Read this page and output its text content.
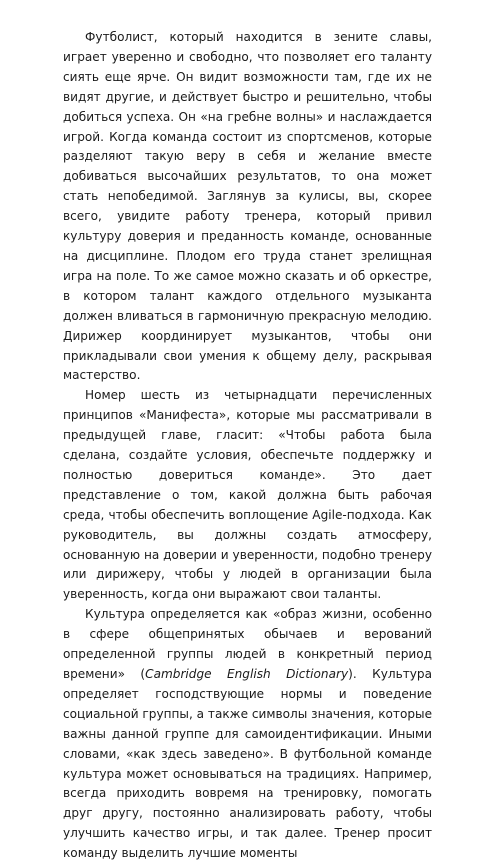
Футболист, который находится в зените славы, играет уверенно и свободно, что позволяет его таланту сиять еще ярче. Он видит возможности там, где их не видят другие, и действует быстро и решительно, чтобы добиться успеха. Он «на гребне волны» и наслаждается игрой. Когда команда состоит из спортсменов, которые разделяют такую веру в себя и желание вместе добиваться высочайших результатов, то она может стать непобедимой. Заглянув за кулисы, вы, скорее всего, увидите работу тренера, который привил культуру доверия и преданность команде, основанные на дисциплине. Плодом его труда станет зрелищная игра на поле. То же самое можно сказать и об оркестре, в котором талант каждого отдельного музыканта должен вливаться в гармоничную прекрасную мелодию. Дирижер координирует музыкантов, чтобы они прикладывали свои умения к общему делу, раскрывая мастерство.

Номер шесть из четырнадцати перечисленных принципов «Манифеста», которые мы рассматривали в предыдущей главе, гласит: «Чтобы работа была сделана, создайте условия, обеспечьте поддержку и полностью довериться команде». Это дает представление о том, какой должна быть рабочая среда, чтобы обеспечить воплощение Agile-подхода. Как руководитель, вы должны создать атмосферу, основанную на доверии и уверенности, подобно тренеру или дирижеру, чтобы у людей в организации была уверенность, когда они выражают свои таланты.

Культура определяется как «образ жизни, особенно в сфере общепринятых обычаев и верований определенной группы людей в конкретный период времени» (Cambridge English Dictionary). Культура определяет господствующие нормы и поведение социальной группы, а также символы значения, которые важны данной группе для самоидентификации. Иными словами, «как здесь заведено». В футбольной команде культура может основываться на традициях. Например, всегда приходить вовремя на тренировку, помогать друг другу, постоянно анализировать работу, чтобы улучшить качество игры, и так далее. Тренер просит команду выделить лучшие моменты
